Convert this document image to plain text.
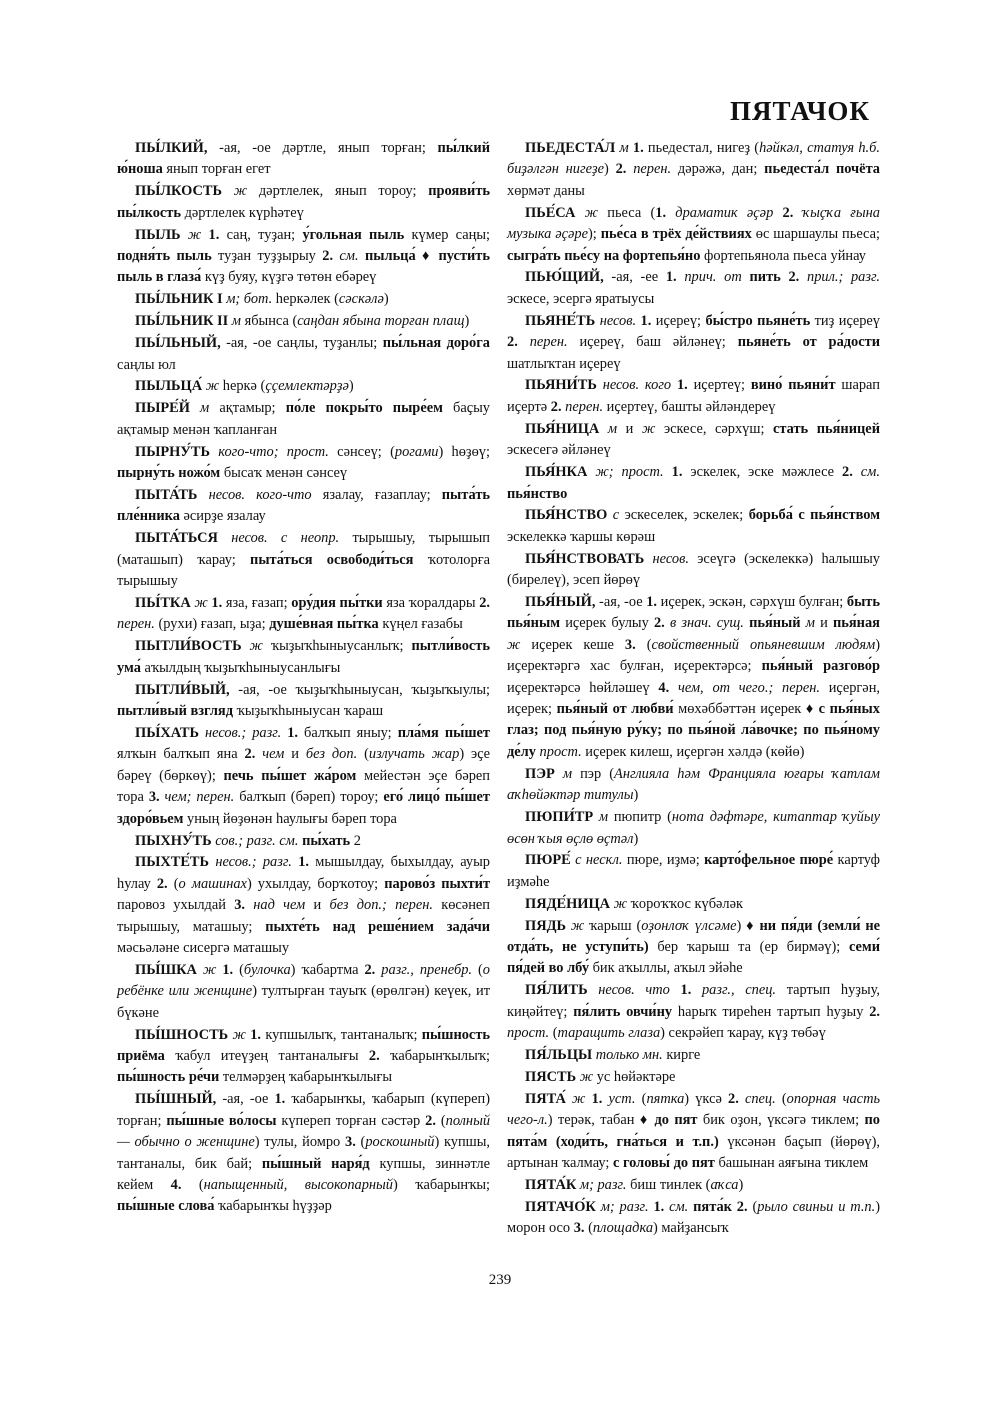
ПЯТАЧОК

ПЫ́ЛКИЙ, -ая, -ое дәртле, янып торған; пы́лкий ю́ноша янып торған егет

ПЫ́ЛКОСТЬ ж дәртлелек, янып тороу; прояви́ть пы́лкость дәртлелек күрһәтеү

ПЫЛЬ ж 1. саң, туҙан; у́гольная пыль күмер саңы; подня́ть пыль туҙан туҙҙырыу 2. см. пыльца́ ♦ пусти́ть пыль в глаза́ күҙ буяу, күҙгә төтөн ебәреү

ПЫ́ЛЬНИК I м; бот. һеркәлек (сәскәлә)

ПЫ́ЛЬНИК II м ябынса (саңдан ябына торған плащ)

ПЫ́ЛЬНЫЙ, -ая, -ое саңлы, туҙанлы; пы́льная доро́га саңлы юл

ПЫЛЬЦА́ ж һеркә (ҫҫемлектәрҙә)

ПЫРЕ́Й м ақтамыр; по́ле покры́то пыре́ем баҫыу ақтамыр менән ҡапланған

ПЫРНУ́ТЬ кого-что; прост. сәнсеү; (рогами) һөҙөү; пырну́ть ножо́м бысаҡ менән сәнсеү

ПЫТА́ТЬ несов. кого-что язалау, ғазаплау; пыта́ть пле́нника әсирҙе язалау

ПЫТА́ТЬСЯ несов. с неопр. тырышыу, тырышып (маташып) ҡарау; пыта́ться освободи́ться ҡотолорға тырышыу

ПЫ́ТКА ж 1. яза, ғазап; ору́дия пы́тки яза ҡоралдары 2. перен. (рухи) ғазап, ыҙа; душе́вная пы́тка күңел ғазабы

ПЫТЛИ́ВОСТЬ ж ҡыҙыҡһыныусанлыҡ; пытли́вость ума́ аҡылдың ҡыҙыҡһыныусанлығы

ПЫТЛИ́ВЫЙ, -ая, -ое ҡыҙыҡһыныусан, ҡыҙыҡыулы; пытли́вый взгляд ҡыҙыҡһыныусан ҡараш

ПЫ́ХАТЬ несов.; разг. 1. балҡып яныу; пла́мя пы́шет ялҡын балҡып яна 2. чем и без доп. (излучать жар) эҫе бәреү (бөркөү); печь пы́шет жа́ром мейестән эҫе бәреп тора 3. чем; перен. балҡып (бәреп) тороу; его́ лицо́ пы́шет здоро́вьем уның йөҙөнән һаулығы бәреп тора

ПЫХНУ́ТЬ сов.; разг. см. пы́хать 2

ПЫХТЕ́ТЬ несов.; разг. 1. мышылдау, быхылдау, ауыр һулау 2. (о машинах) ухылдау, борҡотоу; парово́з пыхти́т паровоз ухылдай 3. над чем и без доп.; перен. көсәнеп тырышыу, маташыу; пыхте́ть над реше́нием зада́чи мәсьәләне сисергә маташыу

ПЫ́ШКА ж 1. (булочка) ҡабартма 2. разг., пренебр. (о ребёнке или женщине) тултырған тауыҡ (өрөлгән) кеүек, ит бүкәне

ПЫ́ШНОСТЬ ж 1. купшылыҡ, тантаналыҡ; пы́шность приёма ҡабул итеүҙең тантаналығы 2. ҡабарынҡылыҡ; пы́шность ре́чи телмәрҙең ҡабарынҡылығы

ПЫ́ШНЫЙ, -ая, -ое 1. ҡабарынҡы, ҡабарып (күпереп) торған; пы́шные во́лосы күпереп торған сәстәр 2. (полный — обычно о женщине) тулы, йомро 3. (роскошный) купшы, тантаналы, бик бай; пы́шный наря́д купшы, зиннәтле кейем 4. (напыщенный, высокопарный) ҡабарынҡы; пы́шные слова́ ҡабарынҡы һүҙҙәр

ПЬЕДЕСТА́Л м 1. пьедестал, нигеҙ (һәйкәл, статуя һ.б. биҙәлгән нигеҙе) 2. перен. дәрәжә, дан; пьедеста́л почёта хөрмәт даны

ПЬЕ́СА ж пьеса (1. драматик әҫәр 2. ҡыҫҡа ғына музыка әҫәре); пье́са в трёх де́йствиях өс шаршаулы пьеса; сыгра́ть пье́су на фортепья́но фортепьянола пьеса уйнау

ПЬЮ́ЩИЙ, -ая, -ее 1. прич. от пить 2. прил.; разг. эскесе, эсергә яратыусы

ПЬЯНЕ́ТЬ несов. 1. иҫереү; бы́стро пьяне́ть тиҙ иҫереү 2. перен. иҫереү, баш әйләнеү; пьяне́ть от ра́дости шатлыҡтан иҫереү

ПЬЯНИ́ТЬ несов. кого 1. иҫертеү; вино́ пьяни́т шарап иҫертә 2. перен. иҫертеү, башты әйләндереү

ПЬЯ́НИЦА м и ж эскесе, сәрхүш; стать пья́ницей эскесегә әйләнеү

ПЬЯ́НКА ж; прост. 1. эскелек, эске мәжлесе 2. см. пья́нство

ПЬЯ́НСТВО с эскеселек, эскелек; борьба́ с пья́нством эскелеккә ҡаршы көрәш

ПЬЯ́НСТВОВАТЬ несов. эсеүгә (эскелеккә) һалышыу (бирелеү), эсеп йөрөү

ПЬЯ́НЫЙ, -ая, -ое 1. иҫерек, эскән, сәрхүш булған; быть пья́ным иҫерек булыу 2. в знач. сущ. пья́ный м и пья́ная ж иҫерек кеше 3. (свойственный опьяневшим людям) иҫеректәргә хас булған, иҫеректәрсә; пья́ный разгово́р иҫеректәрсә һөйләшеү 4. чем, от чего.; перен. иҫергән, иҫерек; пья́ный от любви́ мөхәббәттән иҫерек ♦ с пья́ных глаз; под пья́ную ру́ку; по пья́ной ла́вочке; по пья́ному де́лу прост. иҫерек килеш, иҫергән хәлдә (көйө)

ПЭР м пэр (Англияла һәм Францияла юғары ҡатлам аҡһөйәктәр титулы)

ПЮПИ́ТР м пюпитр (нота дәфтәре, китаптар ҡуйыу өсөн ҡыя өҫлө өҫтәл)

ПЮРЕ́ с нескл. пюре, иҙмә; карто́фельное пюре́ картуф иҙмәһе

ПЯДЕ́НИЦА ж ҡороҡҡос күбәләк

ПЯДЬ ж ҡарыш (оҙонлоҡ үлсәме) ♦ ни пя́ди (земли́ не отда́ть, не уступи́ть) бер ҡарыш та (ер бирмәү); семи́ пя́дей во лбу́ бик аҡыллы, аҡыл эйәһе

ПЯ́ЛИТЬ несов. что 1. разг., спец. тартып һуҙыу, киңәйтеү; пя́лить овчи́ну һарыҡ тиреһен тартып һуҙыу 2. прост. (таращить глаза) секрәйеп ҡарау, күҙ төбәү

ПЯ́ЛЬЦЫ только мн. кирге

ПЯСТЬ ж ус һөйәктәре

ПЯТА́ ж 1. уст. (пятка) үксә 2. спец. (опорная часть чего-л.) терәк, табан ♦ до пят бик оҙон, үксәгә тиклем; по пята́м (ходи́ть, гна́ться и т.п.) үксәнән баҫып (йөрөү), артынан ҡалмау; с головы́ до пят башынан аяғына тиклем

ПЯТА́К м; разг. биш тинлек (аҡса)

ПЯТАЧО́К м; разг. 1. см. пята́к 2. (рыло свиньи и т.п.) морон осо 3. (площадка) майҙансыҡ

239
